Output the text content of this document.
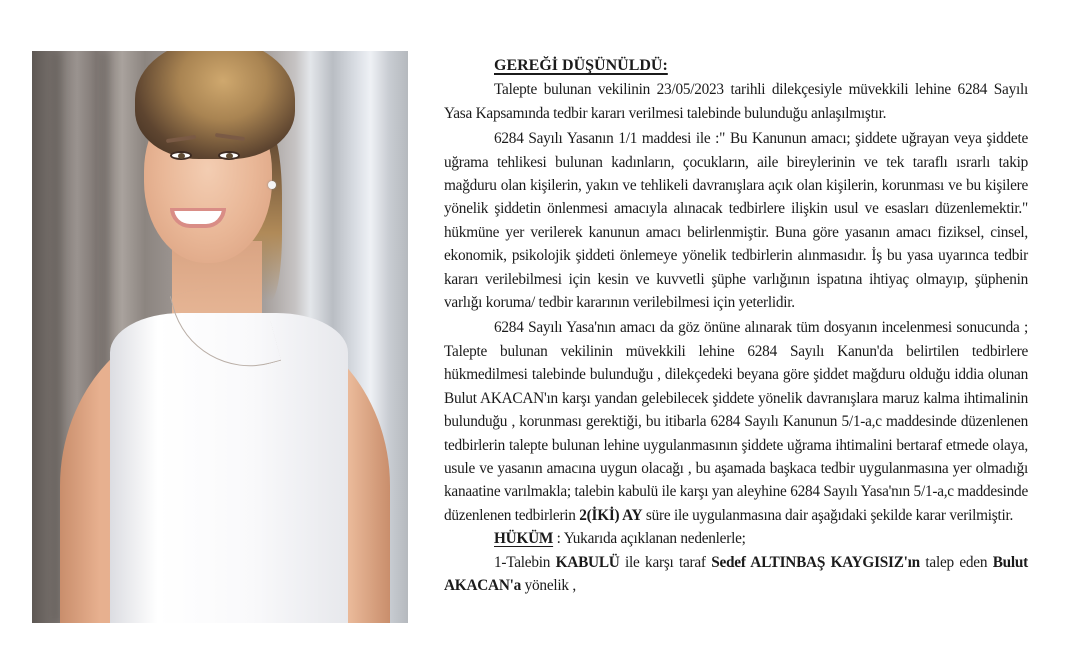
GEREĞİ DÜŞÜNÜLDÜ:

Talepte bulunan vekilinin 23/05/2023 tarihli dilekçesiyle müvekkili lehine 6284 Sayılı Yasa Kapsamında tedbir kararı verilmesi talebinde bulunduğu anlaşılmıştır.

6284 Sayılı Yasanın 1/1 maddesi ile :" Bu Kanunun amacı; şiddete uğrayan veya şiddete uğrama tehlikesi bulunan kadınların, çocukların, aile bireylerinin ve tek taraflı ısrarlı takip mağduru olan kişilerin, yakın ve tehlikeli davranışlara açık olan kişilerin, korunması ve bu kişilere yönelik şiddetin önlenmesi amacıyla alınacak tedbirlere ilişkin usul ve esasları düzenlemektir." hükmüne yer verilerek kanunun amacı belirlenmiştir. Buna göre yasanın amacı fiziksel, cinsel, ekonomik, psikolojik şiddeti önlemeye yönelik tedbirlerin alınmasıdır. İş bu yasa uyarınca tedbir kararı verilebilmesi için kesin ve kuvvetli şüphe varlığının ispatına ihtiyaç olmayıp, şüphenin varlığı koruma/ tedbir kararının verilebilmesi için yeterlidir.

6284 Sayılı Yasa'nın amacı da göz önüne alınarak tüm dosyanın incelenmesi sonucunda ; Talepte bulunan vekilinin müvekkili lehine 6284 Sayılı Kanun'da belirtilen tedbirlere hükmedilmesi talebinde bulunduğu , dilekçedeki beyana göre şiddet mağduru olduğu iddia olunan Bulut AKACAN'ın karşı yandan gelebilecek şiddete yönelik davranışlara maruz kalma ihtimalinin bulunduğu , korunması gerektiği, bu itibarla 6284 Sayılı Kanunun 5/1-a,c maddesinde düzenlenen tedbirlerin talepte bulunan lehine uygulanmasının şiddete uğrama ihtimalini bertaraf etmede olaya, usule ve yasanın amacına uygun olacağı , bu aşamada başkaca tedbir uygulanmasına yer olmadığı kanaatine varılmakla; talebin kabulü ile karşı yan aleyhine 6284 Sayılı Yasa'nın 5/1-a,c maddesinde düzenlenen tedbirlerin 2(İKİ) AY süre ile uygulanmasına dair aşağıdaki şekilde karar verilmiştir.

HÜKÜM : Yukarıda açıklanan nedenlerle;

1-Talebin KABULÜ ile karşı taraf Sedef ALTINBAŞ KAYGISIZ'ın talep eden Bulut AKACAN'a yönelik ,
